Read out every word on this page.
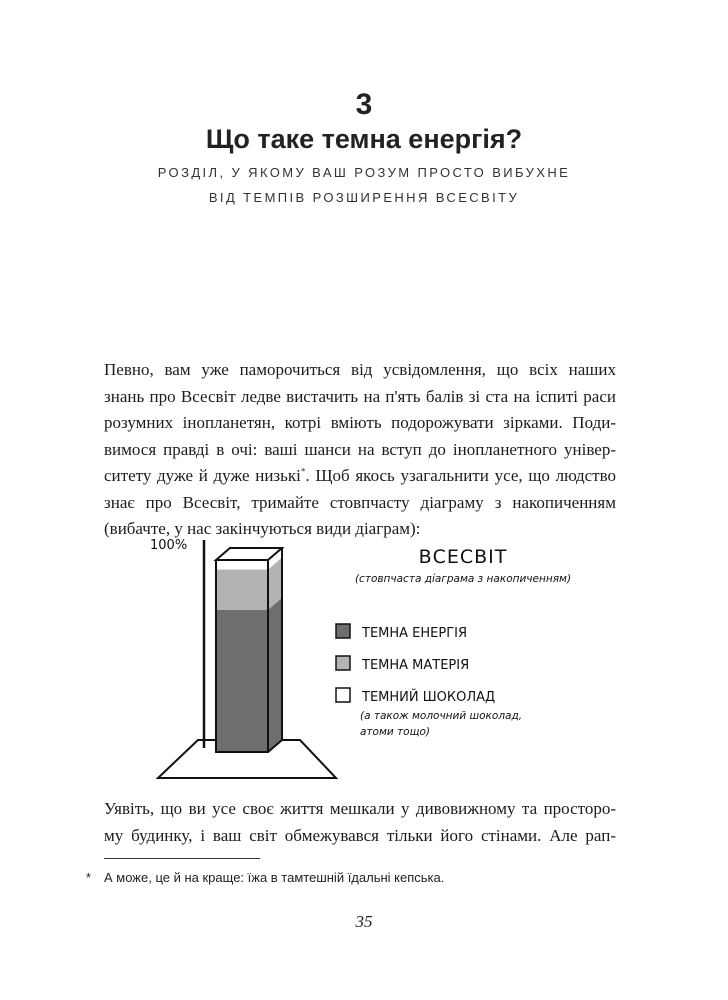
3
Що таке темна енергія?
РОЗДІЛ, У ЯКОМУ ВАШ РОЗУМ ПРОСТО ВИБУХНЕ
ВІД ТЕМПІВ РОЗШИРЕННЯ ВСЕСВІТУ
Певно, вам уже паморочиться від усвідомлення, що всіх наших
знань про Всесвіт ледве вистачить на п'ять балів зі ста на іспиті раси
розумних інопланетян, котрі вміють подорожувати зірками. Поди-
вимося правді в очі: ваші шанси на вступ до інопланетного універ-
ситету дуже й дуже низькі*. Щоб якось узагальнити усе, що людство
знає про Всесвіт, тримайте стовпчасту діаграму з накопиченням
(вибачте, у нас закінчуються види діаграм):
100%
ВСЕСВІТ
(стовпчаста діаграма з накопиченням)
ТЕМНА ЕНЕРГІЯ
ТЕМНА МАТЕРІЯ
ТЕМНИЙ ШОКОЛАД
(а також молочний шоколад,
атоми тощо)
Уявіть, що ви усе своє життя мешкали у дивовижному та просторо-
му будинку, і ваш світ обмежувався тільки його стінами. Але рап-
* А може, це й на краще: їжа в тамтешній їдальні кепська.
35
